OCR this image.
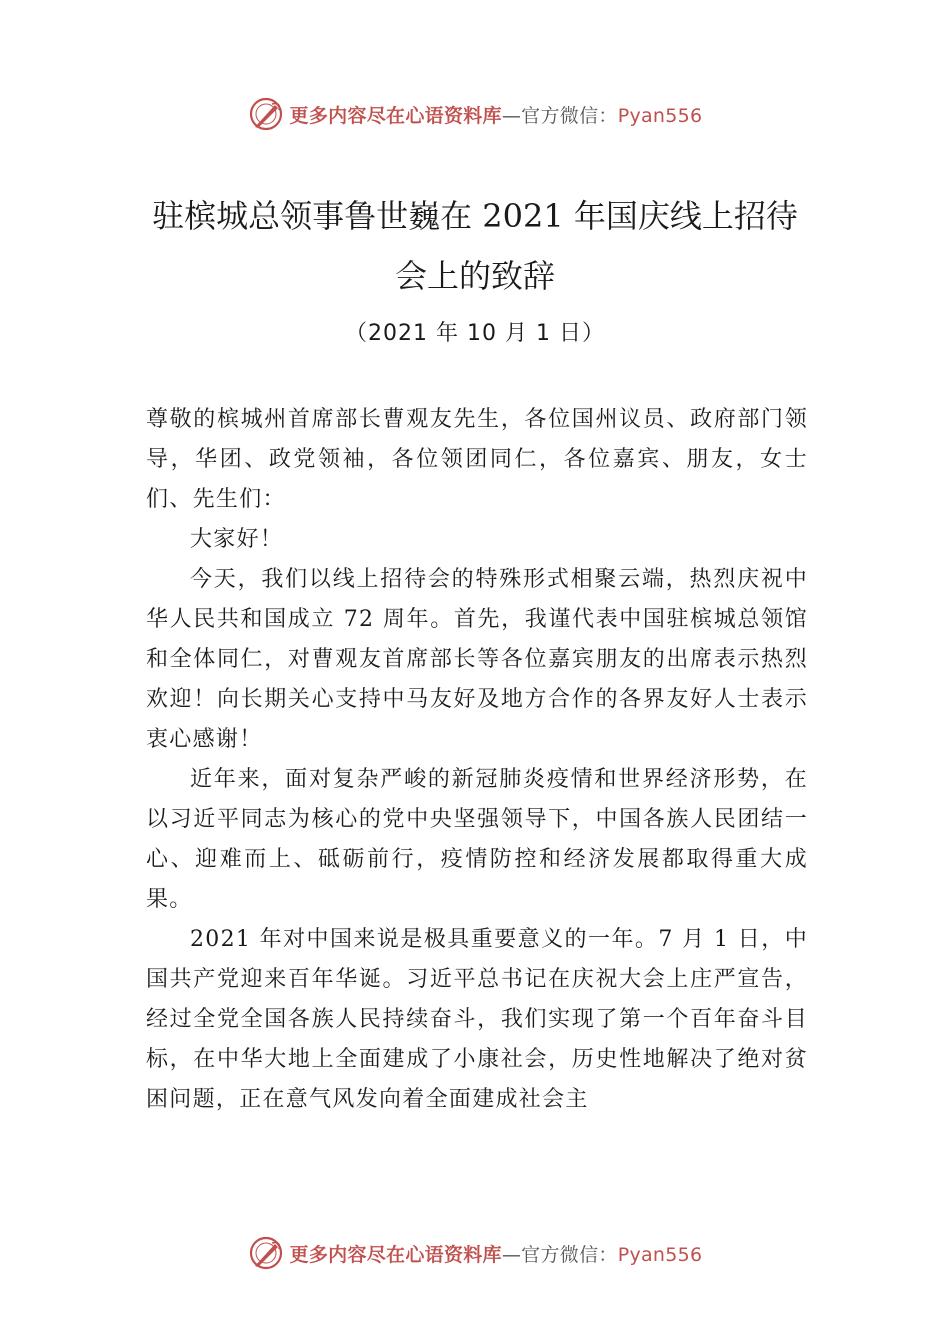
更多内容尽在心语资料库—官方微信：Pyan556
驻槟城总领事鲁世巍在 2021 年国庆线上招待会上的致辞
（2021 年 10 月 1 日）

尊敬的槟城州首席部长曹观友先生，各位国州议员、政府部门领导，华团、政党领袖，各位领团同仁，各位嘉宾、朋友，女士们、先生们：

大家好！

今天，我们以线上招待会的特殊形式相聚云端，热烈庆祝中华人民共和国成立 72 周年。首先，我谨代表中国驻槟城总领馆和全体同仁，对曹观友首席部长等各位嘉宾朋友的出席表示热烈欢迎！向长期关心支持中马友好及地方合作的各界友好人士表示衷心感谢！

近年来，面对复杂严峻的新冠肺炎疫情和世界经济形势，在以习近平同志为核心的党中央坚强领导下，中国各族人民团结一心、迎难而上、砥砺前行，疫情防控和经济发展都取得重大成果。

2021 年对中国来说是极具重要意义的一年。7 月 1 日，中国共产党迎来百年华诞。习近平总书记在庆祝大会上庄严宣告，经过全党全国各族人民持续奋斗，我们实现了第一个百年奋斗目标，在中华大地上全面建成了小康社会，历史性地解决了绝对贫困问题，正在意气风发向着全面建成社会主

更多内容尽在心语资料库—官方微信：Pyan556
